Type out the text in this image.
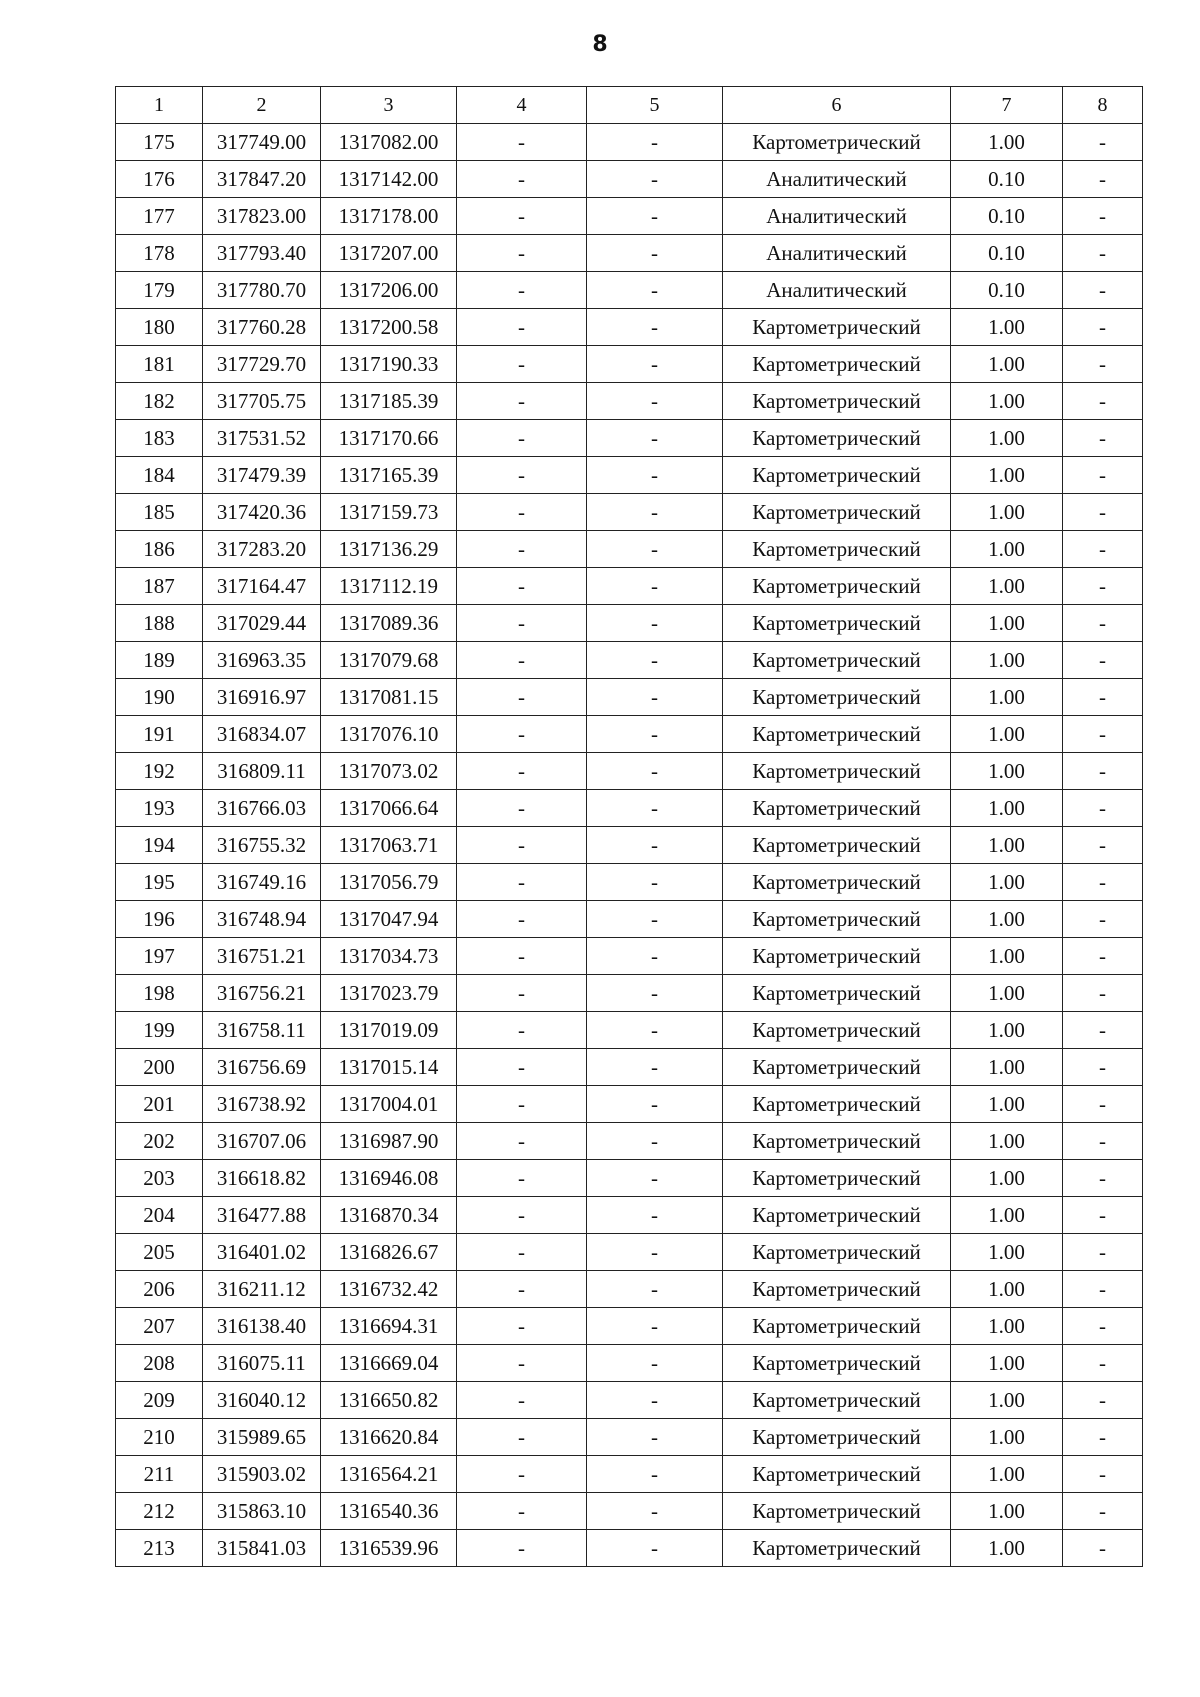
8
1	2	3	4	5	6	7	8
175	317749.00	1317082.00	-	-	Картометрический	1.00	-
176	317847.20	1317142.00	-	-	Аналитический	0.10	-
177	317823.00	1317178.00	-	-	Аналитический	0.10	-
178	317793.40	1317207.00	-	-	Аналитический	0.10	-
179	317780.70	1317206.00	-	-	Аналитический	0.10	-
180	317760.28	1317200.58	-	-	Картометрический	1.00	-
181	317729.70	1317190.33	-	-	Картометрический	1.00	-
182	317705.75	1317185.39	-	-	Картометрический	1.00	-
183	317531.52	1317170.66	-	-	Картометрический	1.00	-
184	317479.39	1317165.39	-	-	Картометрический	1.00	-
185	317420.36	1317159.73	-	-	Картометрический	1.00	-
186	317283.20	1317136.29	-	-	Картометрический	1.00	-
187	317164.47	1317112.19	-	-	Картометрический	1.00	-
188	317029.44	1317089.36	-	-	Картометрический	1.00	-
189	316963.35	1317079.68	-	-	Картометрический	1.00	-
190	316916.97	1317081.15	-	-	Картометрический	1.00	-
191	316834.07	1317076.10	-	-	Картометрический	1.00	-
192	316809.11	1317073.02	-	-	Картометрический	1.00	-
193	316766.03	1317066.64	-	-	Картометрический	1.00	-
194	316755.32	1317063.71	-	-	Картометрический	1.00	-
195	316749.16	1317056.79	-	-	Картометрический	1.00	-
196	316748.94	1317047.94	-	-	Картометрический	1.00	-
197	316751.21	1317034.73	-	-	Картометрический	1.00	-
198	316756.21	1317023.79	-	-	Картометрический	1.00	-
199	316758.11	1317019.09	-	-	Картометрический	1.00	-
200	316756.69	1317015.14	-	-	Картометрический	1.00	-
201	316738.92	1317004.01	-	-	Картометрический	1.00	-
202	316707.06	1316987.90	-	-	Картометрический	1.00	-
203	316618.82	1316946.08	-	-	Картометрический	1.00	-
204	316477.88	1316870.34	-	-	Картометрический	1.00	-
205	316401.02	1316826.67	-	-	Картометрический	1.00	-
206	316211.12	1316732.42	-	-	Картометрический	1.00	-
207	316138.40	1316694.31	-	-	Картометрический	1.00	-
208	316075.11	1316669.04	-	-	Картометрический	1.00	-
209	316040.12	1316650.82	-	-	Картометрический	1.00	-
210	315989.65	1316620.84	-	-	Картометрический	1.00	-
211	315903.02	1316564.21	-	-	Картометрический	1.00	-
212	315863.10	1316540.36	-	-	Картометрический	1.00	-
213	315841.03	1316539.96	-	-	Картометрический	1.00	-
